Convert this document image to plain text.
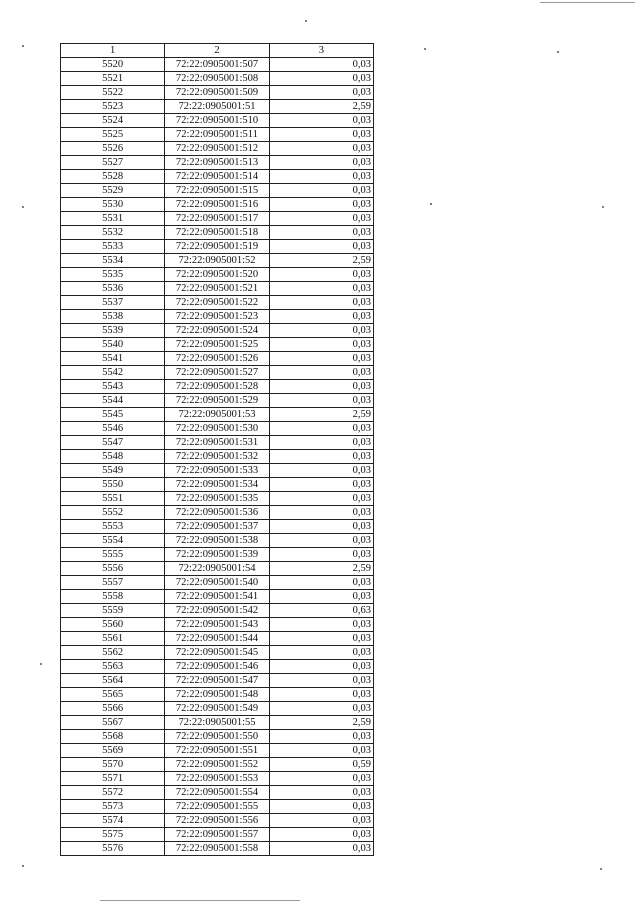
1	2	3
5520	72:22:0905001:507	0,03
5521	72:22:0905001:508	0,03
5522	72:22:0905001:509	0,03
5523	72:22:0905001:51	2,59
5524	72:22:0905001:510	0,03
5525	72:22:0905001:511	0,03
5526	72:22:0905001:512	0,03
5527	72:22:0905001:513	0,03
5528	72:22:0905001:514	0,03
5529	72:22:0905001:515	0,03
5530	72:22:0905001:516	0,03
5531	72:22:0905001:517	0,03
5532	72:22:0905001:518	0,03
5533	72:22:0905001:519	0,03
5534	72:22:0905001:52	2,59
5535	72:22:0905001:520	0,03
5536	72:22:0905001:521	0,03
5537	72:22:0905001:522	0,03
5538	72:22:0905001:523	0,03
5539	72:22:0905001:524	0,03
5540	72:22:0905001:525	0,03
5541	72:22:0905001:526	0,03
5542	72:22:0905001:527	0,03
5543	72:22:0905001:528	0,03
5544	72:22:0905001:529	0,03
5545	72:22:0905001:53	2,59
5546	72:22:0905001:530	0,03
5547	72:22:0905001:531	0,03
5548	72:22:0905001:532	0,03
5549	72:22:0905001:533	0,03
5550	72:22:0905001:534	0,03
5551	72:22:0905001:535	0,03
5552	72:22:0905001:536	0,03
5553	72:22:0905001:537	0,03
5554	72:22:0905001:538	0,03
5555	72:22:0905001:539	0,03
5556	72:22:0905001:54	2,59
5557	72:22:0905001:540	0,03
5558	72:22:0905001:541	0,03
5559	72:22:0905001:542	0,63
5560	72:22:0905001:543	0,03
5561	72:22:0905001:544	0,03
5562	72:22:0905001:545	0,03
5563	72:22:0905001:546	0,03
5564	72:22:0905001:547	0,03
5565	72:22:0905001:548	0,03
5566	72:22:0905001:549	0,03
5567	72:22:0905001:55	2,59
5568	72:22:0905001:550	0,03
5569	72:22:0905001:551	0,03
5570	72:22:0905001:552	0,59
5571	72:22:0905001:553	0,03
5572	72:22:0905001:554	0,03
5573	72:22:0905001:555	0,03
5574	72:22:0905001:556	0,03
5575	72:22:0905001:557	0,03
5576	72:22:0905001:558	0,03
